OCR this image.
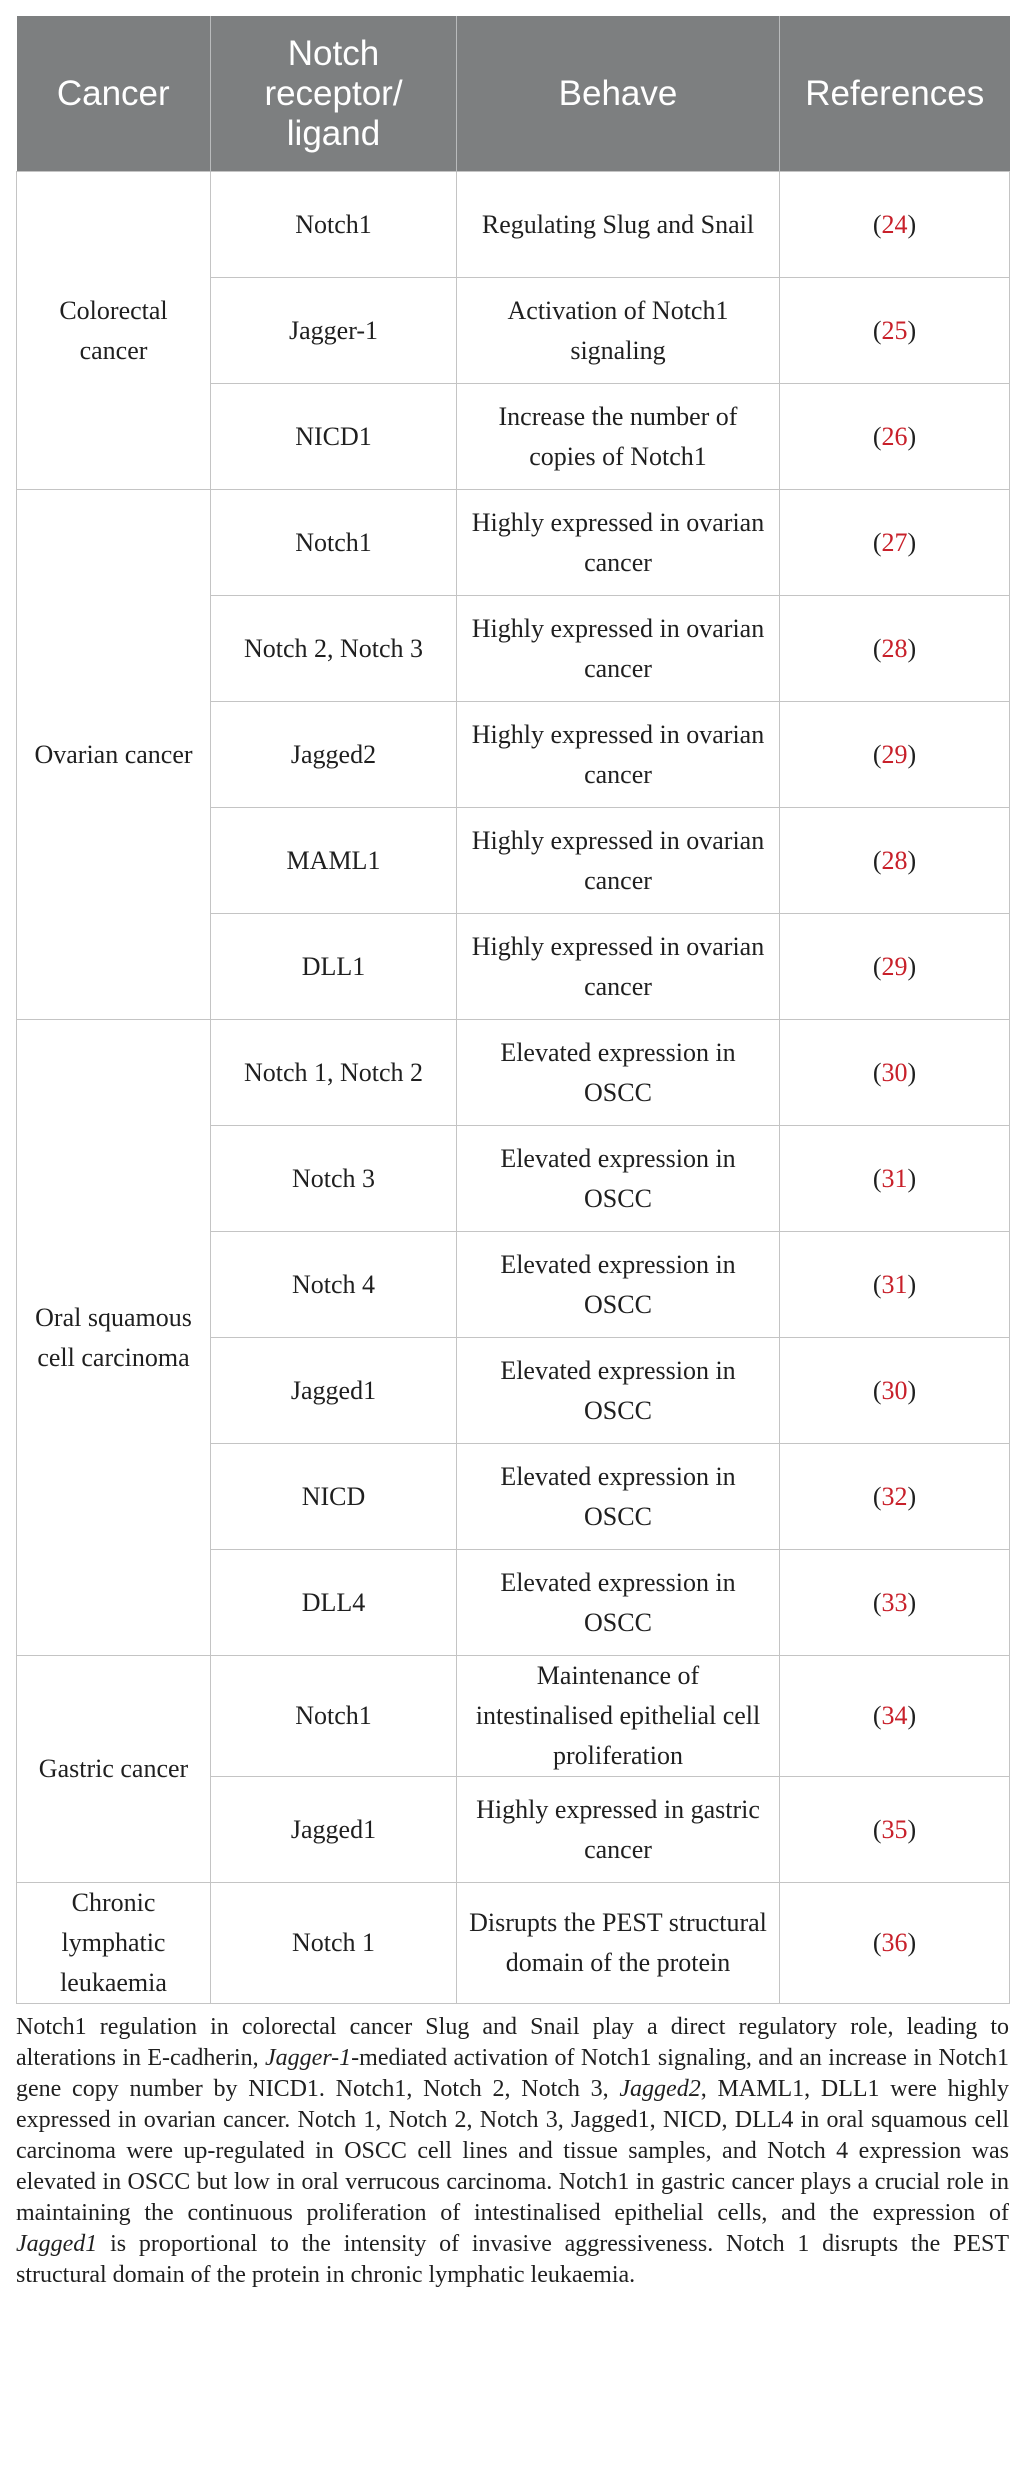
Cancer	Notch receptor/ ligand	Behave	References
Colorectal cancer	Notch1	Regulating Slug and Snail	(24)
	Jagger-1	Activation of Notch1 signaling	(25)
	NICD1	Increase the number of copies of Notch1	(26)
Ovarian cancer	Notch1	Highly expressed in ovarian cancer	(27)
	Notch 2, Notch 3	Highly expressed in ovarian cancer	(28)
	Jagged2	Highly expressed in ovarian cancer	(29)
	MAML1	Highly expressed in ovarian cancer	(28)
	DLL1	Highly expressed in ovarian cancer	(29)
Oral squamous cell carcinoma	Notch 1, Notch 2	Elevated expression in OSCC	(30)
	Notch 3	Elevated expression in OSCC	(31)
	Notch 4	Elevated expression in OSCC	(31)
	Jagged1	Elevated expression in OSCC	(30)
	NICD	Elevated expression in OSCC	(32)
	DLL4	Elevated expression in OSCC	(33)
Gastric cancer	Notch1	Maintenance of intestinalised epithelial cell proliferation	(34)
	Jagged1	Highly expressed in gastric cancer	(35)
Chronic lymphatic leukaemia	Notch 1	Disrupts the PEST structural domain of the protein	(36)

Notch1 regulation in colorectal cancer Slug and Snail play a direct regulatory role, leading to alterations in E-cadherin, Jagger-1-mediated activation of Notch1 signaling, and an increase in Notch1 gene copy number by NICD1. Notch1, Notch 2, Notch 3, Jagged2, MAML1, DLL1 were highly expressed in ovarian cancer. Notch 1, Notch 2, Notch 3, Jagged1, NICD, DLL4 in oral squamous cell carcinoma were up-regulated in OSCC cell lines and tissue samples, and Notch 4 expression was elevated in OSCC but low in oral verrucous carcinoma. Notch1 in gastric cancer plays a crucial role in maintaining the continuous proliferation of intestinalised epithelial cells, and the expression of Jagged1 is proportional to the intensity of invasive aggressiveness. Notch 1 disrupts the PEST structural domain of the protein in chronic lymphatic leukaemia.
